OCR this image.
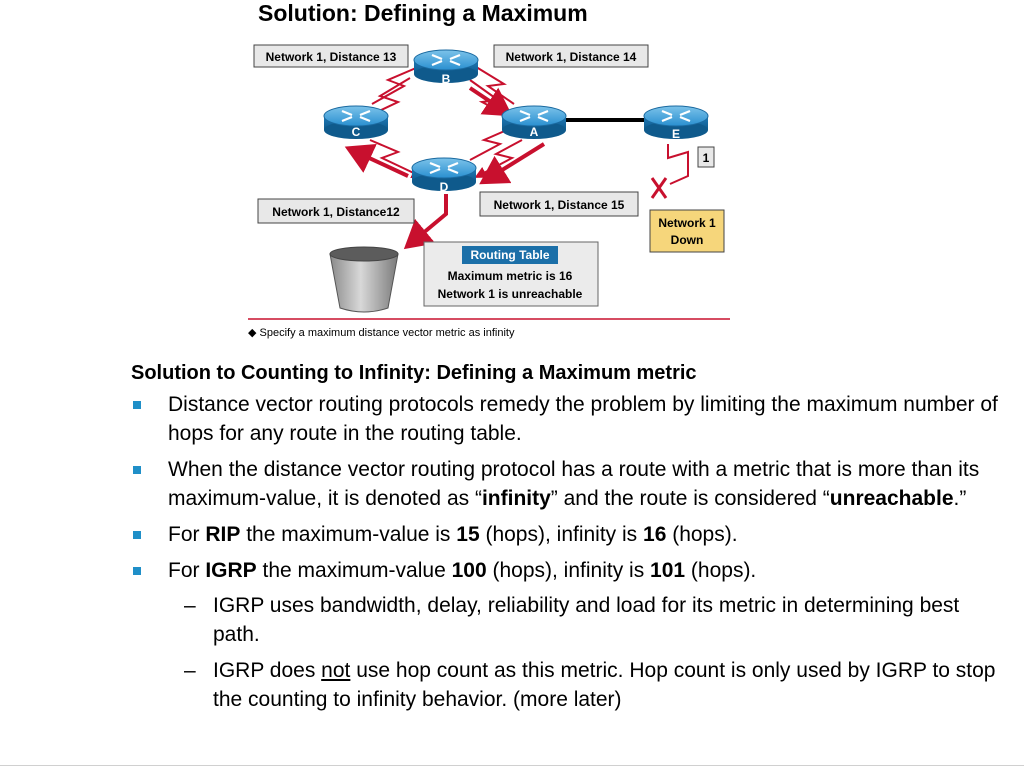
Solution: Defining a Maximum
B
C	A	E
D
Network 1, Distance 13	Network 1, Distance 14
Network 1, Distance12	Network 1, Distance 15
1
Network 1
Down
Routing Table
Maximum metric is 16
Network 1 is unreachable
◆ Specify a maximum distance vector metric as infinity
Solution to Counting to Infinity: Defining a Maximum metric
Distance vector routing protocols remedy the problem by limiting the maximum number of hops for any route in the routing table.
When the distance vector routing protocol has a route with a metric that is more than its maximum-value, it is denoted as “infinity” and the route is considered “unreachable.”
For RIP the maximum-value is 15 (hops), infinity is 16 (hops).
For IGRP the maximum-value 100 (hops), infinity is 101 (hops).
– IGRP uses bandwidth, delay, reliability and load for its metric in determining best path.
– IGRP does not use hop count as this metric. Hop count is only used by IGRP to stop the counting to infinity behavior. (more later)
